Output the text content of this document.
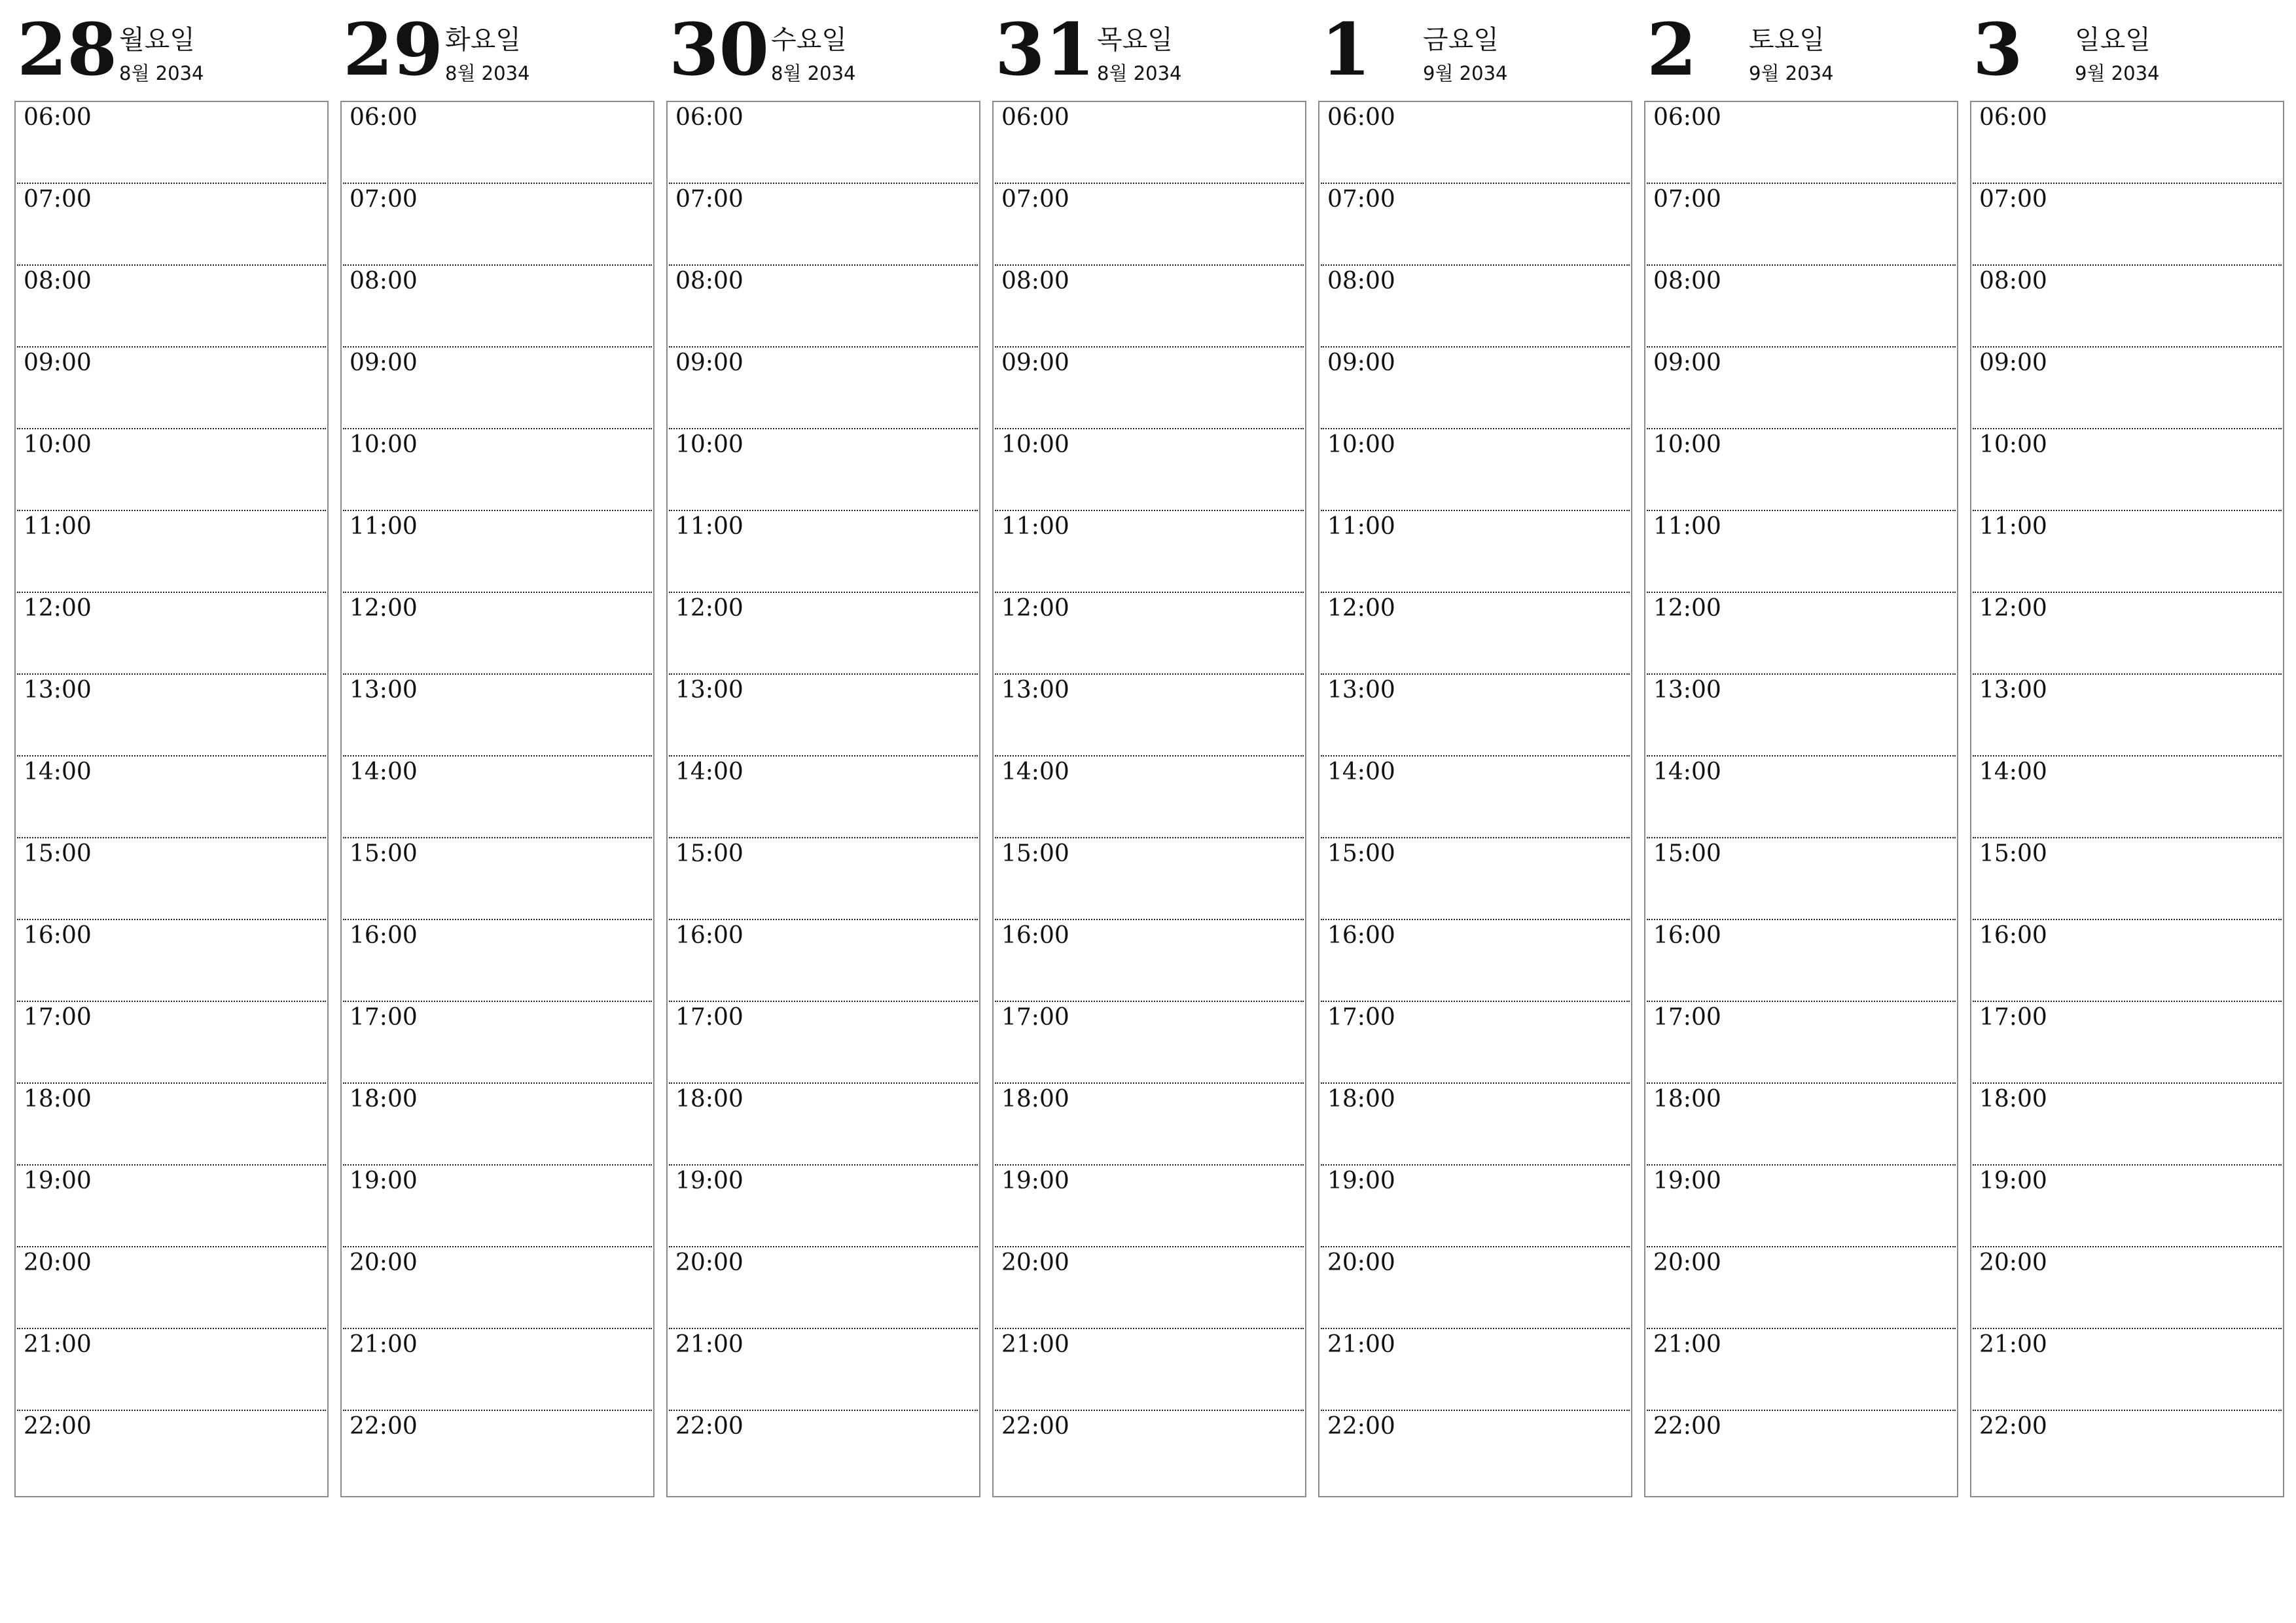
28 월요일
8월 2034
06:00
07:00
08:00
09:00
10:00
11:00
12:00
13:00
14:00
15:00
16:00
17:00
18:00
19:00
20:00
21:00
22:00
29 화요일
8월 2034
06:00
07:00
08:00
09:00
10:00
11:00
12:00
13:00
14:00
15:00
16:00
17:00
18:00
19:00
20:00
21:00
22:00
30 수요일
8월 2034
06:00
07:00
08:00
09:00
10:00
11:00
12:00
13:00
14:00
15:00
16:00
17:00
18:00
19:00
20:00
21:00
22:00
31 목요일
8월 2034
06:00
07:00
08:00
09:00
10:00
11:00
12:00
13:00
14:00
15:00
16:00
17:00
18:00
19:00
20:00
21:00
22:00
1 금요일
9월 2034
06:00
07:00
08:00
09:00
10:00
11:00
12:00
13:00
14:00
15:00
16:00
17:00
18:00
19:00
20:00
21:00
22:00
2 토요일
9월 2034
06:00
07:00
08:00
09:00
10:00
11:00
12:00
13:00
14:00
15:00
16:00
17:00
18:00
19:00
20:00
21:00
22:00
3 일요일
9월 2034
06:00
07:00
08:00
09:00
10:00
11:00
12:00
13:00
14:00
15:00
16:00
17:00
18:00
19:00
20:00
21:00
22:00
